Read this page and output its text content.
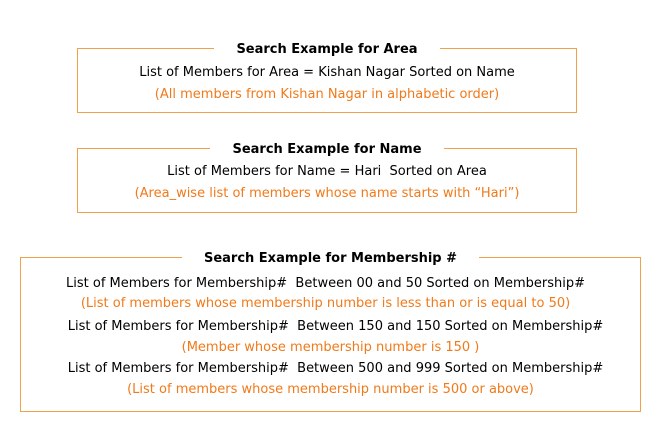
Search Example for Area
List of Members for Area = Kishan Nagar Sorted on Name
(All members from Kishan Nagar in alphabetic order)
Search Example for Name
List of Members for Name = Hari  Sorted on Area
(Area_wise list of members whose name starts with “Hari”)
Search Example for Membership #
List of Members for Membership#  Between 00 and 50 Sorted on Membership#
(List of members whose membership number is less than or is equal to 50)
List of Members for Membership#  Between 150 and 150 Sorted on Membership#
(Member whose membership number is 150 )
List of Members for Membership#  Between 500 and 999 Sorted on Membership#
(List of members whose membership number is 500 or above)
